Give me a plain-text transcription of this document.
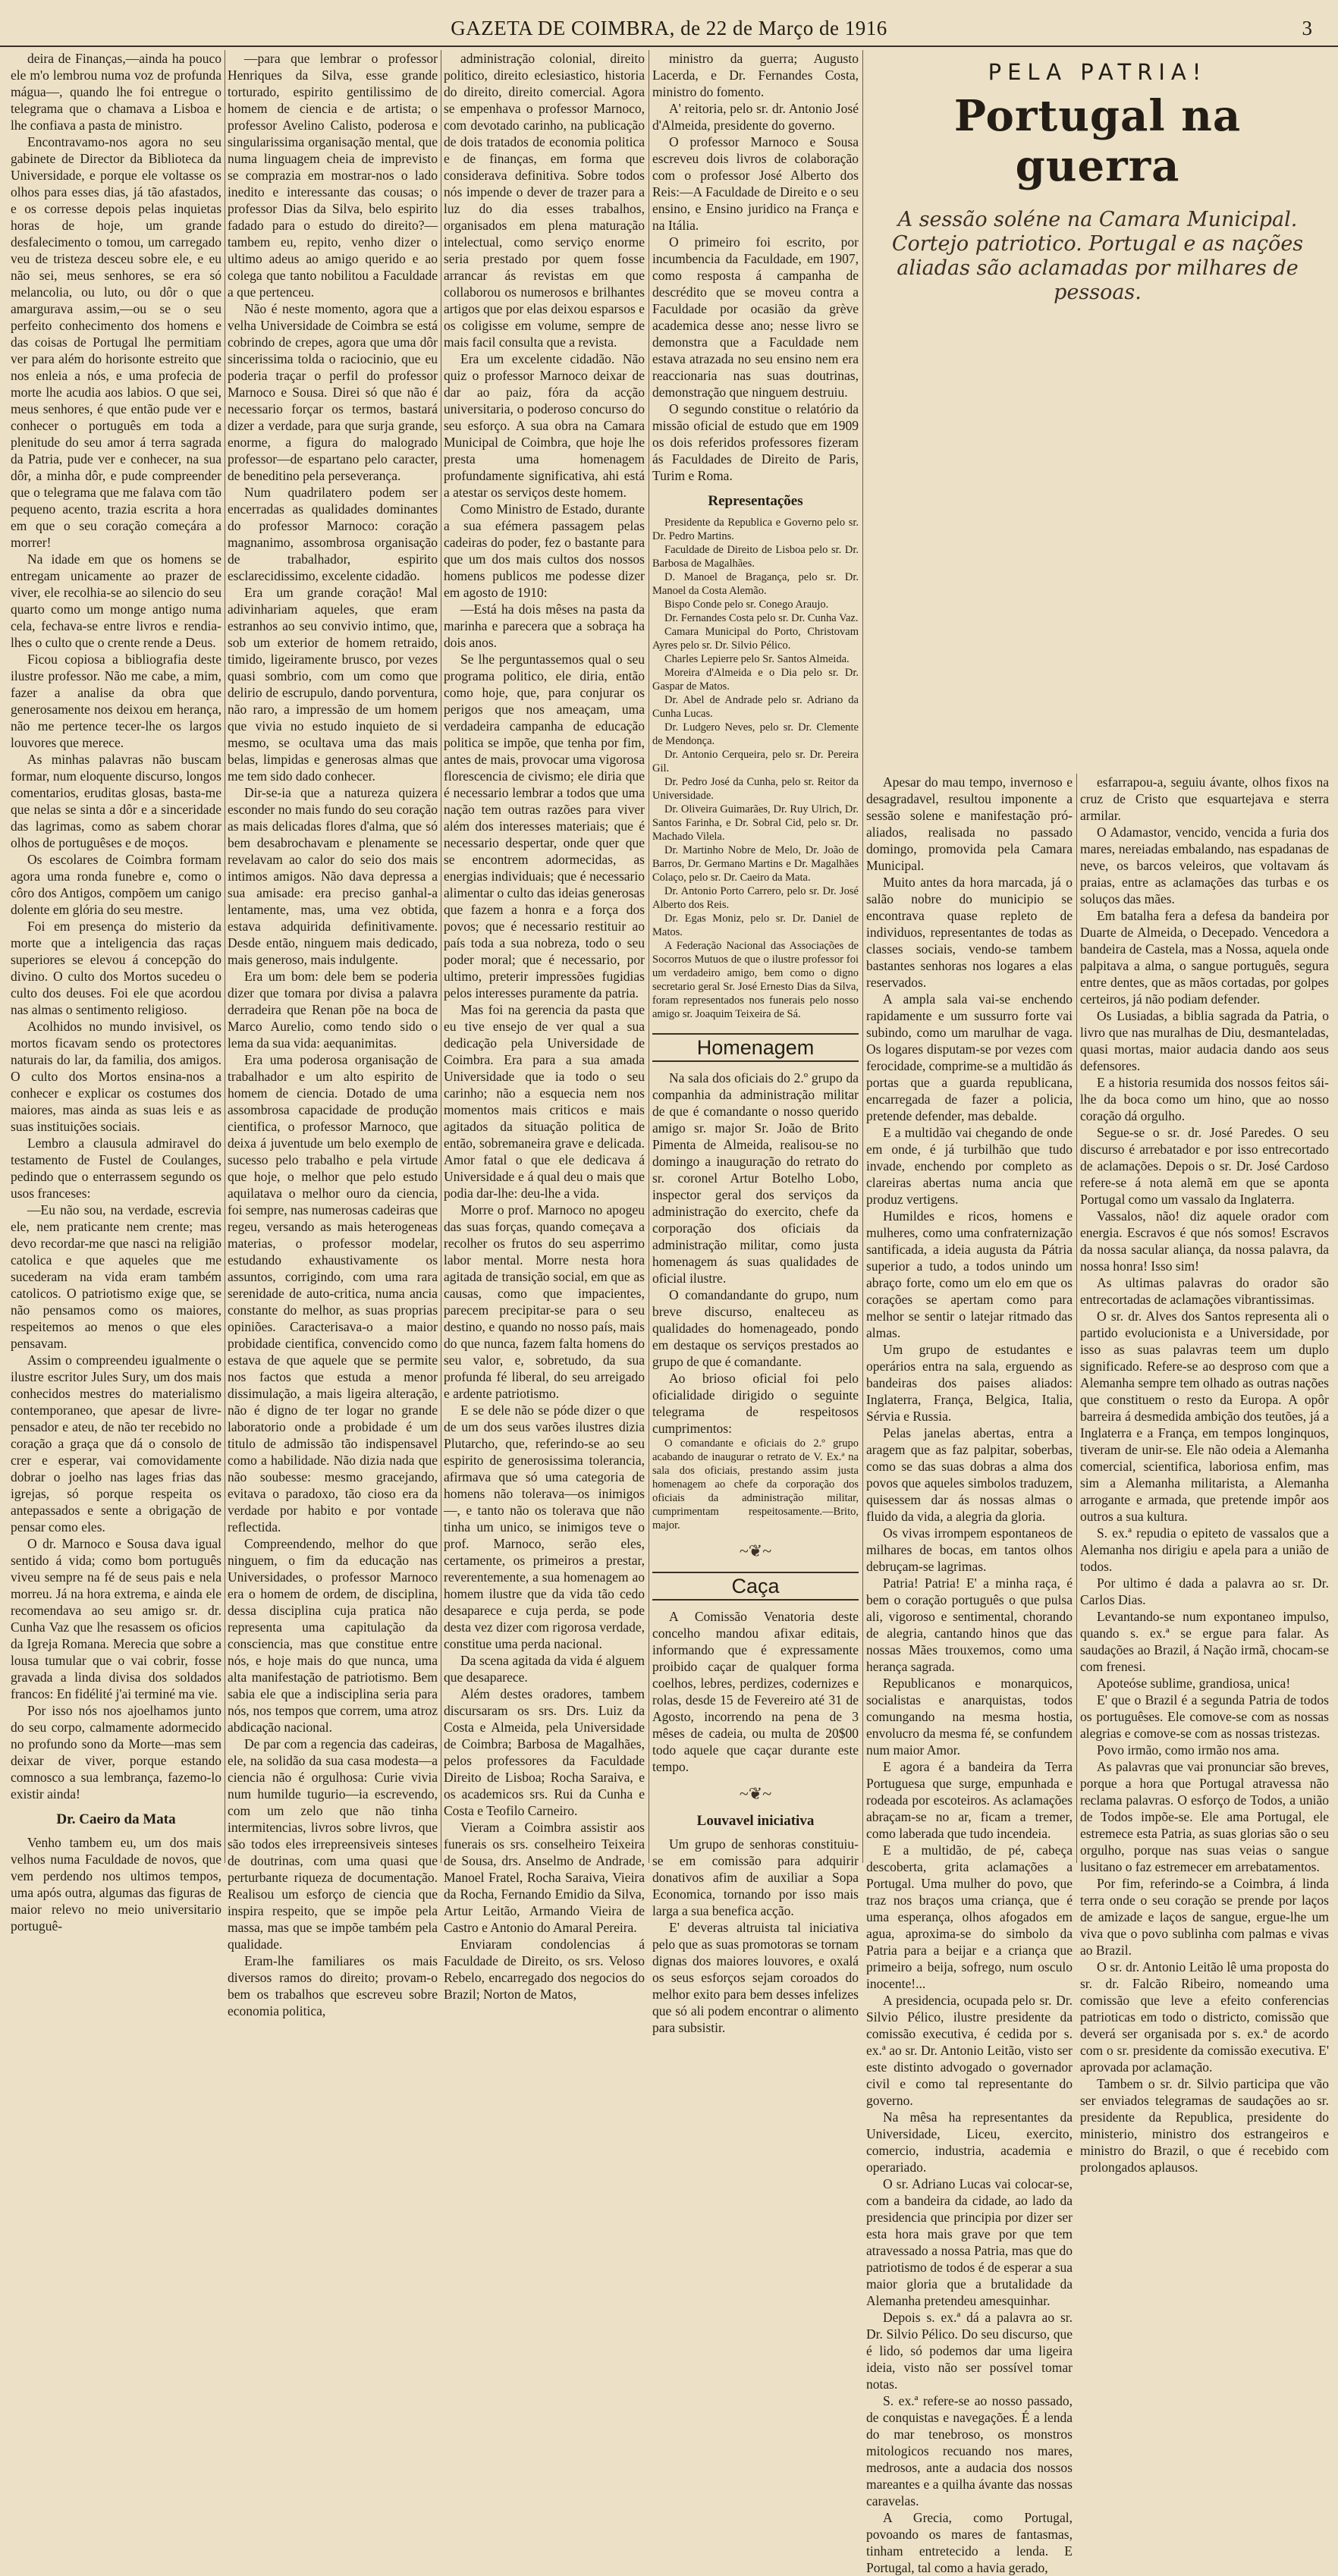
GAZETA DE COIMBRA, de 22 de Março de 1916	3

deira de Finanças,—ainda ha pouco ele m'o lembrou numa voz de profunda mágua—, quando lhe foi entregue o telegrama que o chamava a Lisboa e lhe confiava a pasta de ministro.

Encontravamo-nos agora no seu gabinete de Director da Biblioteca da Universidade, e porque ele voltasse os olhos para esses dias, já tão afastados, e os corresse depois pelas inquietas horas de hoje, um grande desfalecimento o tomou, um carregado veu de tristeza desceu sobre ele, e eu não sei, meus senhores, se era só melancolia, ou luto, ou dôr o que amargurava assim,—ou se o seu perfeito conhecimento dos homens e das coisas de Portugal lhe permitiam ver para além do horisonte estreito que nos enleia a nós, e uma profecia de morte lhe acudia aos labios. O que sei, meus senhores, é que então pude ver e conhecer o português em toda a plenitude do seu amor á terra sagrada da Patria, pude ver e conhecer, na sua dôr, a minha dôr, e pude compreender que o telegrama que me falava com tão pequeno acento, trazia escrita a hora em que o seu coração começára a morrer!

Na idade em que os homens se entregam unicamente ao prazer de viver, ele recolhia-se ao silencio do seu quarto como um monge antigo numa cela, fechava-se entre livros e rendia-lhes o culto que o crente rende a Deus.

Ficou copiosa a bibliografia deste ilustre professor. Não me cabe, a mim, fazer a analise da obra que generosamente nos deixou em herança, não me pertence tecer-lhe os largos louvores que merece.

As minhas palavras não buscam formar, num eloquente discurso, longos comentarios, eruditas glosas, basta-me que nelas se sinta a dôr e a sinceridade das lagrimas, como as sabem chorar olhos de portuguêses e de moços.

Os escolares de Coimbra formam agora uma ronda funebre e, como o côro dos Antigos, compõem um canigo dolente em glória do seu mestre.

Foi em presença do misterio da morte que a inteligencia das raças superiores se elevou á concepção do divino. O culto dos Mortos sucedeu o culto dos deuses. Foi ele que acordou nas almas o sentimento religioso.

Acolhidos no mundo invisivel, os mortos ficavam sendo os protectores naturais do lar, da familia, dos amigos. O culto dos Mortos ensina-nos a conhecer e explicar os costumes dos maiores, mas ainda as suas leis e as suas instituições sociais.

Lembro a clausula admiravel do testamento de Fustel de Coulanges, pedindo que o enterrassem segundo os usos franceses:

—Eu não sou, na verdade, escrevia ele, nem praticante nem crente; mas devo recordar-me que nasci na religião catolica e que aqueles que me sucederam na vida eram também catolicos. O patriotismo exige que, se não pensamos como os maiores, respeitemos ao menos o que eles pensavam.

Assim o compreendeu igualmente o ilustre escritor Jules Sury, um dos mais conhecidos mestres do materialismo contemporaneo, que apesar de livre-pensador e ateu, de não ter recebido no coração a graça que dá o consolo de crer e esperar, vai comovidamente dobrar o joelho nas lages frias das igrejas, só porque respeita os antepassados e sente a obrigação de pensar como eles.

O dr. Marnoco e Sousa dava igual sentido á vida; como bom português viveu sempre na fé de seus pais e nela morreu. Já na hora extrema, e ainda ele recomendava ao seu amigo sr. dr. Cunha Vaz que lhe resassem os oficios da Igreja Romana. Merecia que sobre a lousa tumular que o vai cobrir, fosse gravada a linda divisa dos soldados francos: En fidélité j'ai terminé ma vie.

Por isso nós nos ajoelhamos junto do seu corpo, calmamente adormecido no profundo sono da Morte—mas sem deixar de viver, porque estando comnosco a sua lembrança, fazemo-lo existir ainda!

Dr. Caeiro da Mata

Venho tambem eu, um dos mais velhos numa Faculdade de novos, que vem perdendo nos ultimos tempos, uma após outra, algumas das figuras de maior relevo no meio universitario portuguê-

—para que lembrar o professor Henriques da Silva, esse grande torturado, espirito gentilissimo de homem de ciencia e de artista; o professor Avelino Calisto, poderosa e singularissima organisação mental, que numa linguagem cheia de imprevisto se comprazia em mostrar-nos o lado inedito e interessante das cousas; o professor Dias da Silva, belo espirito fadado para o estudo do direito?—tambem eu, repito, venho dizer o ultimo adeus ao amigo querido e ao colega que tanto nobilitou a Faculdade a que pertenceu.

Não é neste momento, agora que a velha Universidade de Coimbra se está cobrindo de crepes, agora que uma dôr sincerissima tolda o raciocinio, que eu poderia traçar o perfil do professor Marnoco e Sousa. Direi só que não é necessario forçar os termos, bastará dizer a verdade, para que surja grande, enorme, a figura do malogrado professor—de espartano pelo caracter, de beneditino pela perseverança.

Num quadrilatero podem ser encerradas as qualidades dominantes do professor Marnoco: coração magnanimo, assombrosa organisação de trabalhador, espirito esclarecidissimo, excelente cidadão.

Era um grande coração! Mal adivinhariam aqueles, que eram estranhos ao seu convivio intimo, que, sob um exterior de homem retraido, timido, ligeiramente brusco, por vezes quasi sombrio, com um como que delirio de escrupulo, dando porventura, não raro, a impressão de um homem que vivia no estudo inquieto de si mesmo, se ocultava uma das mais belas, limpidas e generosas almas que me tem sido dado conhecer.

Dir-se-ia que a natureza quizera esconder no mais fundo do seu coração as mais delicadas flores d'alma, que só bem desabrochavam e plenamente se revelavam ao calor do seio dos mais intimos amigos. Não dava depressa a sua amisade: era preciso ganhal-a lentamente, mas, uma vez obtida, estava adquirida definitivamente. Desde então, ninguem mais dedicado, mais generoso, mais indulgente.

Era um bom: dele bem se poderia dizer que tomara por divisa a palavra derradeira que Renan põe na boca de Marco Aurelio, como tendo sido o lema da sua vida: aequanimitas.

Era uma poderosa organisação de trabalhador e um alto espirito de homem de ciencia. Dotado de uma assombrosa capacidade de produção cientifica, o professor Marnoco, que deixa á juventude um belo exemplo de sucesso pelo trabalho e pela virtude que hoje, o melhor que pelo estudo aquilatava o melhor ouro da ciencia, foi sempre, nas numerosas cadeiras que regeu, versando as mais heterogeneas materias, o professor modelar, estudando exhaustivamente os assuntos, corrigindo, com uma rara serenidade de auto-critica, numa ancia constante do melhor, as suas proprias opiniões. Caracterisava-o a maior probidade cientifica, convencido como estava de que aquele que se permite nos factos que estuda a menor dissimulação, a mais ligeira alteração, não é digno de ter logar no grande laboratorio onde a probidade é um titulo de admissão tão indispensavel como a habilidade. Não dizia nada que não soubesse: mesmo gracejando, evitava o paradoxo, tão cioso era da verdade por habito e por vontade reflectida.

Compreendendo, melhor do que ninguem, o fim da educação nas Universidades, o professor Marnoco era o homem de ordem, de disciplina, dessa disciplina cuja pratica não representa uma capitulação da consciencia, mas que constitue entre nós, e hoje mais do que nunca, uma alta manifestação de patriotismo. Bem sabia ele que a indisciplina seria para nós, nos tempos que correm, uma atroz abdicação nacional.

De par com a regencia das cadeiras, ele, na solidão da sua casa modesta—a ciencia não é orgulhosa: Curie vivia num humilde tugurio—ia escrevendo, com um zelo que não tinha intermitencias, livros sobre livros, que são todos eles irrepreensiveis sinteses de doutrinas, com uma quasi que perturbante riqueza de documentação. Realisou um esforço de ciencia que inspira respeito, que se impõe pela massa, mas que se impõe também pela qualidade.

Eram-lhe familiares os mais diversos ramos do direito; provam-o bem os trabalhos que escreveu sobre economia politica,

administração colonial, direito politico, direito eclesiastico, historia do direito, direito comercial. Agora se empenhava o professor Marnoco, com devotado carinho, na publicação de dois tratados de economia politica e de finanças, em forma que considerava definitiva. Sobre todos nós impende o dever de trazer para a luz do dia esses trabalhos, organisados em plena maturação intelectual, como serviço enorme seria prestado por quem fosse arrancar ás revistas em que collaborou os numerosos e brilhantes artigos que por elas deixou esparsos e os coligisse em volume, sempre de mais facil consulta que a revista.

Era um excelente cidadão. Não quiz o professor Marnoco deixar de dar ao paiz, fóra da acção universitaria, o poderoso concurso do seu esforço. A sua obra na Camara Municipal de Coimbra, que hoje lhe presta uma homenagem profundamente significativa, ahi está a atestar os serviços deste homem.

Como Ministro de Estado, durante a sua efémera passagem pelas cadeiras do poder, fez o bastante para que um dos mais cultos dos nossos homens publicos me podesse dizer em agosto de 1910:

—Está ha dois mêses na pasta da marinha e parecera que a sobraça ha dois anos.

Se lhe perguntassemos qual o seu programa politico, ele diria, então como hoje, que, para conjurar os perigos que nos ameaçam, uma verdadeira campanha de educação politica se impõe, que tenha por fim, antes de mais, provocar uma vigorosa florescencia de civismo; ele diria que é necessario lembrar a todos que uma nação tem outras razões para viver além dos interesses materiais; que é necessario despertar, onde quer que se encontrem adormecidas, as energias individuais; que é necessario alimentar o culto das ideias generosas que fazem a honra e a força dos povos; que é necessario restituir ao país toda a sua nobreza, todo o seu poder moral; que é necessario, por ultimo, preterir impressões fugidias pelos interesses puramente da patria.

Mas foi na gerencia da pasta que eu tive ensejo de ver qual a sua dedicação pela Universidade de Coimbra. Era para a sua amada Universidade que ia todo o seu carinho; não a esquecia nem nos momentos mais criticos e mais agitados da situação politica de então, sobremaneira grave e delicada. Amor fatal o que ele dedicava á Universidade e á qual deu o mais que podia dar-lhe: deu-lhe a vida.

Morre o prof. Marnoco no apogeu das suas forças, quando começava a recolher os frutos do seu asperrimo labor mental. Morre nesta hora agitada de transição social, em que as causas, como que impacientes, parecem precipitar-se para o seu destino, e quando no nosso país, mais do que nunca, fazem falta homens do seu valor, e, sobretudo, da sua profunda fé liberal, do seu arreigado e ardente patriotismo.

E se dele não se póde dizer o que de um dos seus varões ilustres dizia Plutarcho, que, referindo-se ao seu espirito de generosissima tolerancia, afirmava que só uma categoria de homens não tolerava—os inimigos—, e tanto não os tolerava que não tinha um unico, se inimigos teve o prof. Marnoco, serão eles, certamente, os primeiros a prestar, reverentemente, a sua homenagem ao homem ilustre que da vida tão cedo desaparece e cuja perda, se pode desta vez dizer com rigorosa verdade, constitue uma perda nacional.

Da scena agitada da vida é alguem que desaparece.

Além destes oradores, tambem discursaram os srs. Drs. Luiz da Costa e Almeida, pela Universidade de Coimbra; Barbosa de Magalhães, pelos professores da Faculdade Direito de Lisboa; Rocha Saraiva, e os academicos srs. Rui da Cunha e Costa e Teofilo Carneiro.

Vieram a Coimbra assistir aos funerais os srs. conselheiro Teixeira de Sousa, drs. Anselmo de Andrade, Manoel Fratel, Rocha Saraiva, Vieira da Rocha, Fernando Emidio da Silva, Artur Leitão, Armando Vieira de Castro e Antonio do Amaral Pereira.

Enviaram condolencias á Faculdade de Direito, os srs. Veloso Rebelo, encarregado dos negocios do Brazil; Norton de Matos,

ministro da guerra; Augusto Lacerda, e Dr. Fernandes Costa, ministro do fomento.

A' reitoria, pelo sr. dr. Antonio José d'Almeida, presidente do governo.

O professor Marnoco e Sousa escreveu dois livros de colaboração com o professor José Alberto dos Reis:—A Faculdade de Direito e o seu ensino, e Ensino juridico na França e na Itália.

O primeiro foi escrito, por incumbencia da Faculdade, em 1907, como resposta á campanha de descrédito que se moveu contra a Faculdade por ocasião da grève academica desse ano; nesse livro se demonstra que a Faculdade nem estava atrazada no seu ensino nem era reaccionaria nas suas doutrinas, demonstração que ninguem destruiu.

O segundo constitue o relatório da missão oficial de estudo que em 1909 os dois referidos professores fizeram ás Faculdades de Direito de Paris, Turim e Roma.

Representações

Presidente da Republica e Governo pelo sr. Dr. Pedro Martins.

Faculdade de Direito de Lisboa pelo sr. Dr. Barbosa de Magalhães.

D. Manoel de Bragança, pelo sr. Dr. Manoel da Costa Alemão.

Bispo Conde pelo sr. Conego Araujo.

Dr. Fernandes Costa pelo sr. Dr. Cunha Vaz.

Camara Municipal do Porto, Christovam Ayres pelo sr. Dr. Silvio Pélico.

Charles Lepierre pelo Sr. Santos Almeida.

Moreira d'Almeida e o Dia pelo sr. Dr. Gaspar de Matos.

Dr. Abel de Andrade pelo sr. Adriano da Cunha Lucas.

Dr. Ludgero Neves, pelo sr. Dr. Clemente de Mendonça.

Dr. Antonio Cerqueira, pelo sr. Dr. Pereira Gil.

Dr. Pedro José da Cunha, pelo sr. Reitor da Universidade.

Dr. Oliveira Guimarães, Dr. Ruy Ulrich, Dr. Santos Farinha, e Dr. Sobral Cid, pelo sr. Dr. Machado Vilela.

Dr. Martinho Nobre de Melo, Dr. João de Barros, Dr. Germano Martins e Dr. Magalhães Colaço, pelo sr. Dr. Caeiro da Mata.

Dr. Antonio Porto Carrero, pelo sr. Dr. José Alberto dos Reis.

Dr. Egas Moniz, pelo sr. Dr. Daniel de Matos.

A Federação Nacional das Associações de Socorros Mutuos de que o ilustre professor foi um verdadeiro amigo, bem como o digno secretario geral Sr. José Ernesto Dias da Silva, foram representados nos funerais pelo nosso amigo sr. Joaquim Teixeira de Sá.

Homenagem

Na sala dos oficiais do 2.º grupo da companhia da administração militar de que é comandante o nosso querido amigo sr. major Sr. João de Brito Pimenta de Almeida, realisou-se no domingo a inauguração do retrato do sr. coronel Artur Botelho Lobo, inspector geral dos serviços da administração do exercito, chefe da corporação dos oficiais da administração militar, como justa homenagem ás suas qualidades de oficial ilustre.

O comandandante do grupo, num breve discurso, enalteceu as qualidades do homenageado, pondo em destaque os serviços prestados ao grupo de que é comandante.

Ao brioso oficial foi pelo oficialidade dirigido o seguinte telegrama de respeitosos cumprimentos:

O comandante e oficiais do 2.º grupo acabando de inaugurar o retrato de V. Ex.ª na sala dos oficiais, prestando assim justa homenagem ao chefe da corporação dos oficiais da administração militar, cumprimentam respeitosamente.—Brito, major.

~❦~
Caça

A Comissão Venatoria deste concelho mandou afixar editais, informando que é expressamente proibido caçar de qualquer forma coelhos, lebres, perdizes, codernizes e rolas, desde 15 de Fevereiro até 31 de Agosto, incorrendo na pena de 3 mêses de cadeia, ou multa de 20$00 todo aquele que caçar durante este tempo.

~❦~
Louvavel iniciativa

Um grupo de senhoras constituiu-se em comissão para adquirir donativos afim de auxiliar a Sopa Economica, tornando por isso mais larga a sua benefica acção.

E' deveras altruista tal iniciativa pelo que as suas promotoras se tornam dignas dos maiores louvores, e oxalá os seus esforços sejam coroados do melhor exito para bem desses infelizes que só ali podem encontrar o alimento para subsistir.

PELA PATRIA!
Portugal na guerra
A sessão soléne na Camara Municipal. Cortejo patriotico. Portugal e as nações aliadas são aclamadas por milhares de pessoas.

Apesar do mau tempo, invernoso e desagradavel, resultou imponente a sessão solene e manifestação pró-aliados, realisada no passado domingo, promovida pela Camara Municipal.

Muito antes da hora marcada, já o salão nobre do municipio se encontrava quase repleto de individuos, representantes de todas as classes sociais, vendo-se tambem bastantes senhoras nos logares a elas reservados.

A ampla sala vai-se enchendo rapidamente e um sussurro forte vai subindo, como um marulhar de vaga. Os logares disputam-se por vezes com ferocidade, comprime-se a multidão ás portas que a guarda republicana, encarregada de fazer a policia, pretende defender, mas debalde.

E a multidão vai chegando de onde em onde, é já turbilhão que tudo invade, enchendo por completo as clareiras abertas numa ancia que produz vertigens.

Humildes e ricos, homens e mulheres, como uma confraternização santificada, a ideia augusta da Pátria superior a tudo, a todos unindo um abraço forte, como um elo em que os corações se apertam como para melhor se sentir o latejar ritmado das almas.

Um grupo de estudantes e operários entra na sala, erguendo as bandeiras dos paises aliados: Inglaterra, França, Belgica, Italia, Sérvia e Russia.

Pelas janelas abertas, entra a aragem que as faz palpitar, soberbas, como se das suas dobras a alma dos povos que aqueles simbolos traduzem, quisessem dar ás nossas almas o fluido da vida, a alegria da gloria.

Os vivas irrompem espontaneos de milhares de bocas, em tantos olhos debruçam-se lagrimas.

Patria! Patria! E' a minha raça, é bem o coração português o que pulsa ali, vigoroso e sentimental, chorando de alegria, cantando hinos que das nossas Mães trouxemos, como uma herança sagrada.

Republicanos e monarquicos, socialistas e anarquistas, todos comungando na mesma hostia, envolucro da mesma fé, se confundem num maior Amor.

E agora é a bandeira da Terra Portuguesa que surge, empunhada e rodeada por escoteiros. As aclamações abraçam-se no ar, ficam a tremer, como laberada que tudo incendeia.

E a multidão, de pé, cabeça descoberta, grita aclamações a Portugal. Uma mulher do povo, que traz nos braços uma criança, que é uma esperança, olhos afogados em agua, aproxima-se do simbolo da Patria para a beijar e a criança que primeiro a beija, sofrego, num osculo inocente!...

A presidencia, ocupada pelo sr. Dr. Silvio Pélico, ilustre presidente da comissão executiva, é cedida por s. ex.ª ao sr. Dr. Antonio Leitão, visto ser este distinto advogado o governador civil e como tal representante do governo.

Na mêsa ha representantes da Universidade, Liceu, exercito, comercio, industria, academia e operariado.

O sr. Adriano Lucas vai colocar-se, com a bandeira da cidade, ao lado da presidencia que principia por dizer ser esta hora mais grave por que tem atravessado a nossa Patria, mas que do patriotismo de todos é de esperar a sua maior gloria que a brutalidade da Alemanha pretendeu amesquinhar.

Depois s. ex.ª dá a palavra ao sr. Dr. Silvio Pélico. Do seu discurso, que é lido, só podemos dar uma ligeira ideia, visto não ser possível tomar notas.

S. ex.ª refere-se ao nosso passado, de conquistas e navegações. É a lenda do mar tenebroso, os monstros mitologicos recuando nos mares, medrosos, ante a audacia dos nossos mareantes e a quilha ávante das nossas caravelas.

A Grecia, como Portugal, povoando os mares de fantasmas, tinham entretecido a lenda. E Portugal, tal como a havia gerado,

esfarrapou-a, seguiu ávante, olhos fixos na cruz de Cristo que esquartejava e sterra armilar.

O Adamastor, vencido, vencida a furia dos mares, nereiadas embalando, nas espadanas de neve, os barcos veleiros, que voltavam ás praias, entre as aclamações das turbas e os soluços das mães.

Em batalha fera a defesa da bandeira por Duarte de Almeida, o Decepado. Vencedora a bandeira de Castela, mas a Nossa, aquela onde palpitava a alma, o sangue português, segura entre dentes, que as mãos cortadas, por golpes certeiros, já não podiam defender.

Os Lusiadas, a biblia sagrada da Patria, o livro que nas muralhas de Diu, desmanteladas, quasi mortas, maior audacia dando aos seus defensores.

E a historia resumida dos nossos feitos sái-lhe da boca como um hino, que ao nosso coração dá orgulho.

Segue-se o sr. dr. José Paredes. O seu discurso é arrebatador e por isso entrecortado de aclamações. Depois o sr. Dr. José Cardoso refere-se á nota alemã em que se aponta Portugal como um vassalo da Inglaterra.

Vassalos, não! diz aquele orador com energia. Escravos é que nós somos! Escravos da nossa sacular aliança, da nossa palavra, da nossa honra! Isso sim!

As ultimas palavras do orador são entrecortadas de aclamações vibrantissimas.

O sr. dr. Alves dos Santos representa ali o partido evolucionista e a Universidade, por isso as suas palavras teem um duplo significado. Refere-se ao desproso com que a Alemanha sempre tem olhado as outras nações que constituem o resto da Europa. A opôr barreira á desmedida ambição dos teutões, já a Inglaterra e a França, em tempos longinquos, tiveram de unir-se. Ele não odeia a Alemanha comercial, scientifica, laboriosa enfim, mas sim a Alemanha militarista, a Alemanha arrogante e armada, que pretende impôr aos outros a sua kultura.

S. ex.ª repudia o epiteto de vassalos que a Alemanha nos dirigiu e apela para a união de todos.

Por ultimo é dada a palavra ao sr. Dr. Carlos Dias.

Levantando-se num expontaneo impulso, quando s. ex.ª se ergue para falar. As saudações ao Brazil, á Nação irmã, chocam-se com frenesi.

Apoteóse sublime, grandiosa, unica!

E' que o Brazil é a segunda Patria de todos os portuguêses. Ele comove-se com as nossas alegrias e comove-se com as nossas tristezas.

Povo irmão, como irmão nos ama.

As palavras que vai pronunciar são breves, porque a hora que Portugal atravessa não reclama palavras. O esforço de Todos, a união de Todos impõe-se. Ele ama Portugal, ele estremece esta Patria, as suas glorias são o seu orgulho, porque nas suas veias o sangue lusitano o faz estremecer em arrebatamentos.

Por fim, referindo-se a Coimbra, á linda terra onde o seu coração se prende por laços de amizade e laços de sangue, ergue-lhe um viva que o povo sublinha com palmas e vivas ao Brazil.

O sr. dr. Antonio Leitão lê uma proposta do sr. dr. Falcão Ribeiro, nomeando uma comissão que leve a efeito conferencias patrioticas em todo o districto, comissão que deverá ser organisada por s. ex.ª de acordo com o sr. presidente da comissão executiva. E' aprovada por aclamação.

Tambem o sr. dr. Silvio participa que vão ser enviados telegramas de saudações ao sr. presidente da Republica, presidente do ministerio, ministro dos estrangeiros e ministro do Brazil, o que é recebido com prolongados aplausos.
